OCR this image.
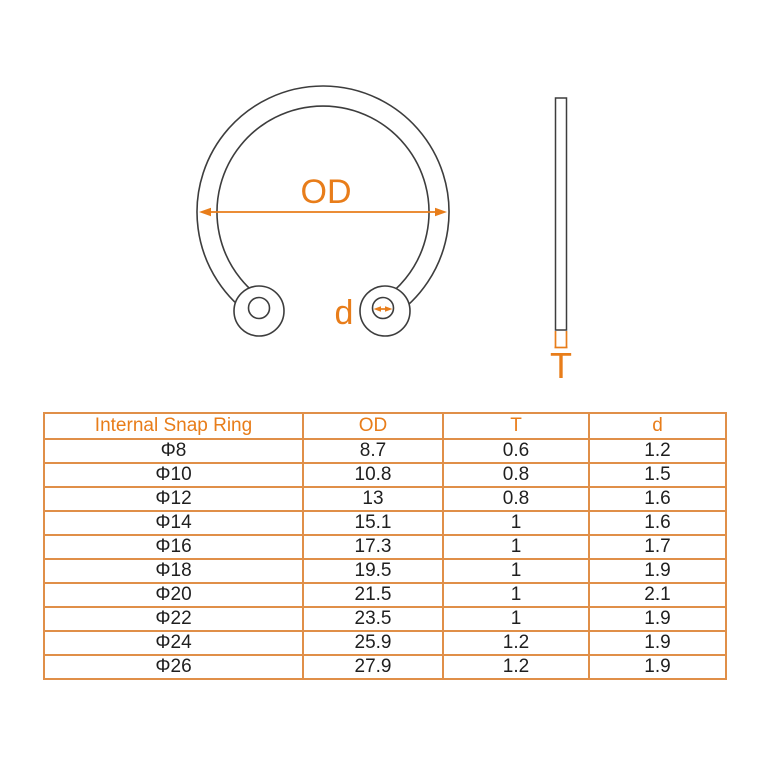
OD
d
T
Internal Snap Ring	OD	T	d
Φ8	8.7	0.6	1.2
Φ10	10.8	0.8	1.5
Φ12	13	0.8	1.6
Φ14	15.1	1	1.6
Φ16	17.3	1	1.7
Φ18	19.5	1	1.9
Φ20	21.5	1	2.1
Φ22	23.5	1	1.9
Φ24	25.9	1.2	1.9
Φ26	27.9	1.2	1.9
